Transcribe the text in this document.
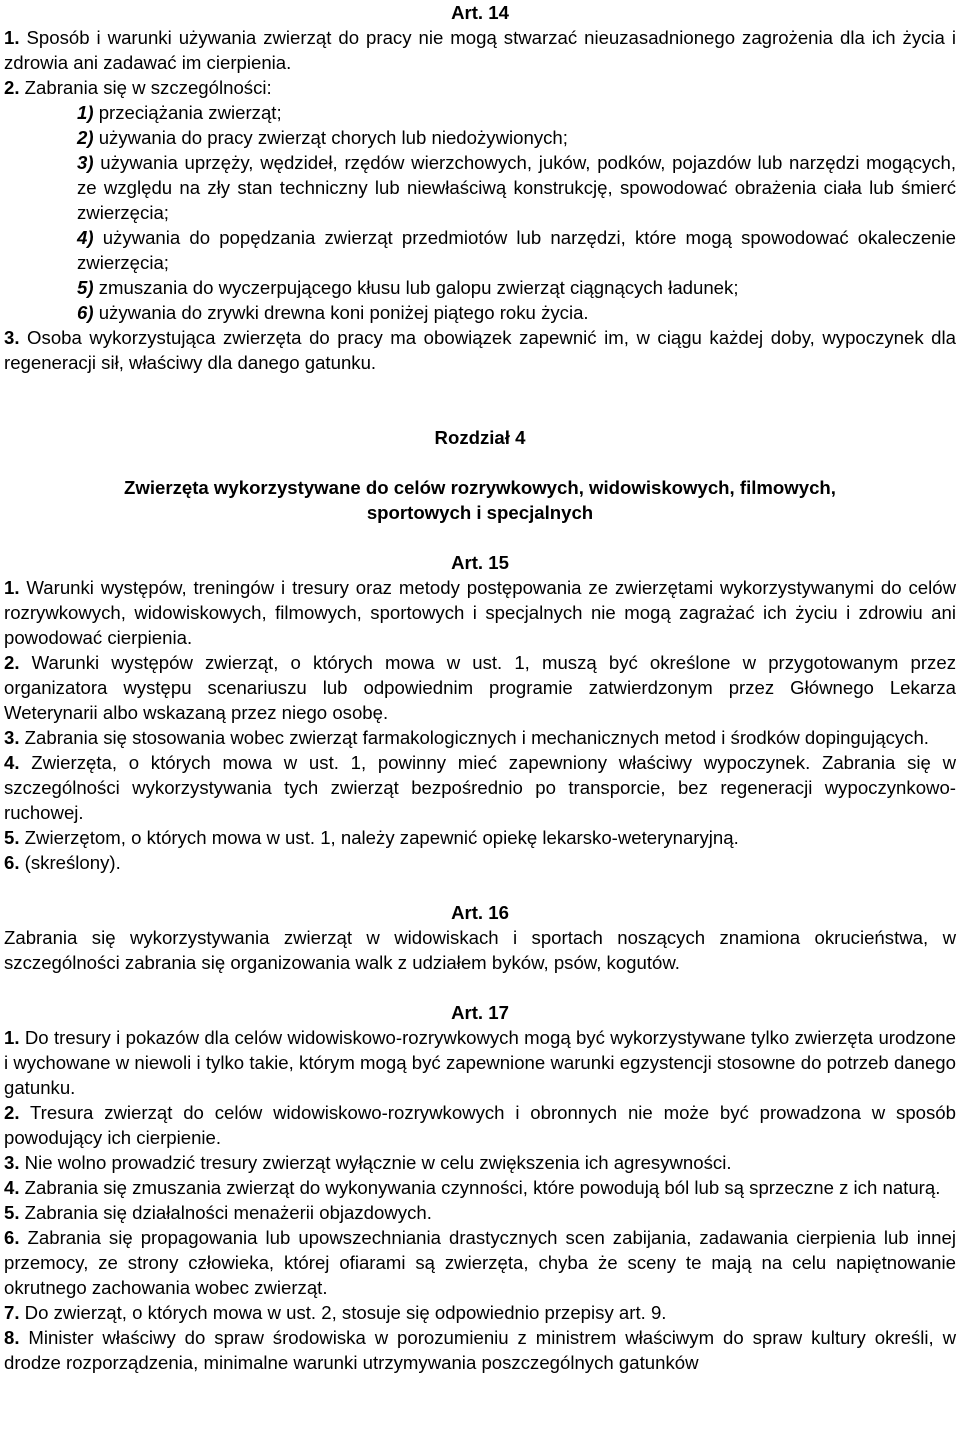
Art. 14
1. Sposób i warunki używania zwierząt do pracy nie mogą stwarzać nieuzasadnionego zagrożenia dla ich życia i zdrowia ani zadawać im cierpienia.
2. Zabrania się w szczególności:
1) przeciążania zwierząt;
2) używania do pracy zwierząt chorych lub niedożywionych;
3) używania uprzęży, wędzideł, rzędów wierzchowych, juków, podków, pojazdów lub narzędzi mogących, ze względu na zły stan techniczny lub niewłaściwą konstrukcję, spowodować obrażenia ciała lub śmierć zwierzęcia;
4) używania do popędzania zwierząt przedmiotów lub narzędzi, które mogą spowodować okaleczenie zwierzęcia;
5) zmuszania do wyczerpującego kłusu lub galopu zwierząt ciągnących ładunek;
6) używania do zrywki drewna koni poniżej piątego roku życia.
3. Osoba wykorzystująca zwierzęta do pracy ma obowiązek zapewnić im, w ciągu każdej doby, wypoczynek dla regeneracji sił, właściwy dla danego gatunku.
Rozdział 4
Zwierzęta wykorzystywane do celów rozrywkowych, widowiskowych, filmowych,
sportowych i specjalnych
Art. 15
1. Warunki występów, treningów i tresury oraz metody postępowania ze zwierzętami wykorzystywanymi do celów rozrywkowych, widowiskowych, filmowych, sportowych i specjalnych nie mogą zagrażać ich życiu i zdrowiu ani powodować cierpienia.
2. Warunki występów zwierząt, o których mowa w ust. 1, muszą być określone w przygotowanym przez organizatora występu scenariuszu lub odpowiednim programie zatwierdzonym przez Głównego Lekarza Weterynarii albo wskazaną przez niego osobę.
3. Zabrania się stosowania wobec zwierząt farmakologicznych i mechanicznych metod i środków dopingujących.
4. Zwierzęta, o których mowa w ust. 1, powinny mieć zapewniony właściwy wypoczynek. Zabrania się w szczególności wykorzystywania tych zwierząt bezpośrednio po transporcie, bez regeneracji wypoczynkowo-ruchowej.
5. Zwierzętom, o których mowa w ust. 1, należy zapewnić opiekę lekarsko-weterynaryjną.
6. (skreślony).
Art. 16
Zabrania się wykorzystywania zwierząt w widowiskach i sportach noszących znamiona okrucieństwa, w szczególności zabrania się organizowania walk z udziałem byków, psów, kogutów.
Art. 17
1. Do tresury i pokazów dla celów widowiskowo-rozrywkowych mogą być wykorzystywane tylko zwierzęta urodzone i wychowane w niewoli i tylko takie, którym mogą być zapewnione warunki egzystencji stosowne do potrzeb danego gatunku.
2. Tresura zwierząt do celów widowiskowo-rozrywkowych i obronnych nie może być prowadzona w sposób powodujący ich cierpienie.
3. Nie wolno prowadzić tresury zwierząt wyłącznie w celu zwiększenia ich agresywności.
4. Zabrania się zmuszania zwierząt do wykonywania czynności, które powodują ból lub są sprzeczne z ich naturą.
5. Zabrania się działalności menażerii objazdowych.
6. Zabrania się propagowania lub upowszechniania drastycznych scen zabijania, zadawania cierpienia lub innej przemocy, ze strony człowieka, której ofiarami są zwierzęta, chyba że sceny te mają na celu napiętnowanie okrutnego zachowania wobec zwierząt.
7. Do zwierząt, o których mowa w ust. 2, stosuje się odpowiednio przepisy art. 9.
8. Minister właściwy do spraw środowiska w porozumieniu z ministrem właściwym do spraw kultury określi, w drodze rozporządzenia, minimalne warunki utrzymywania poszczególnych gatunków
